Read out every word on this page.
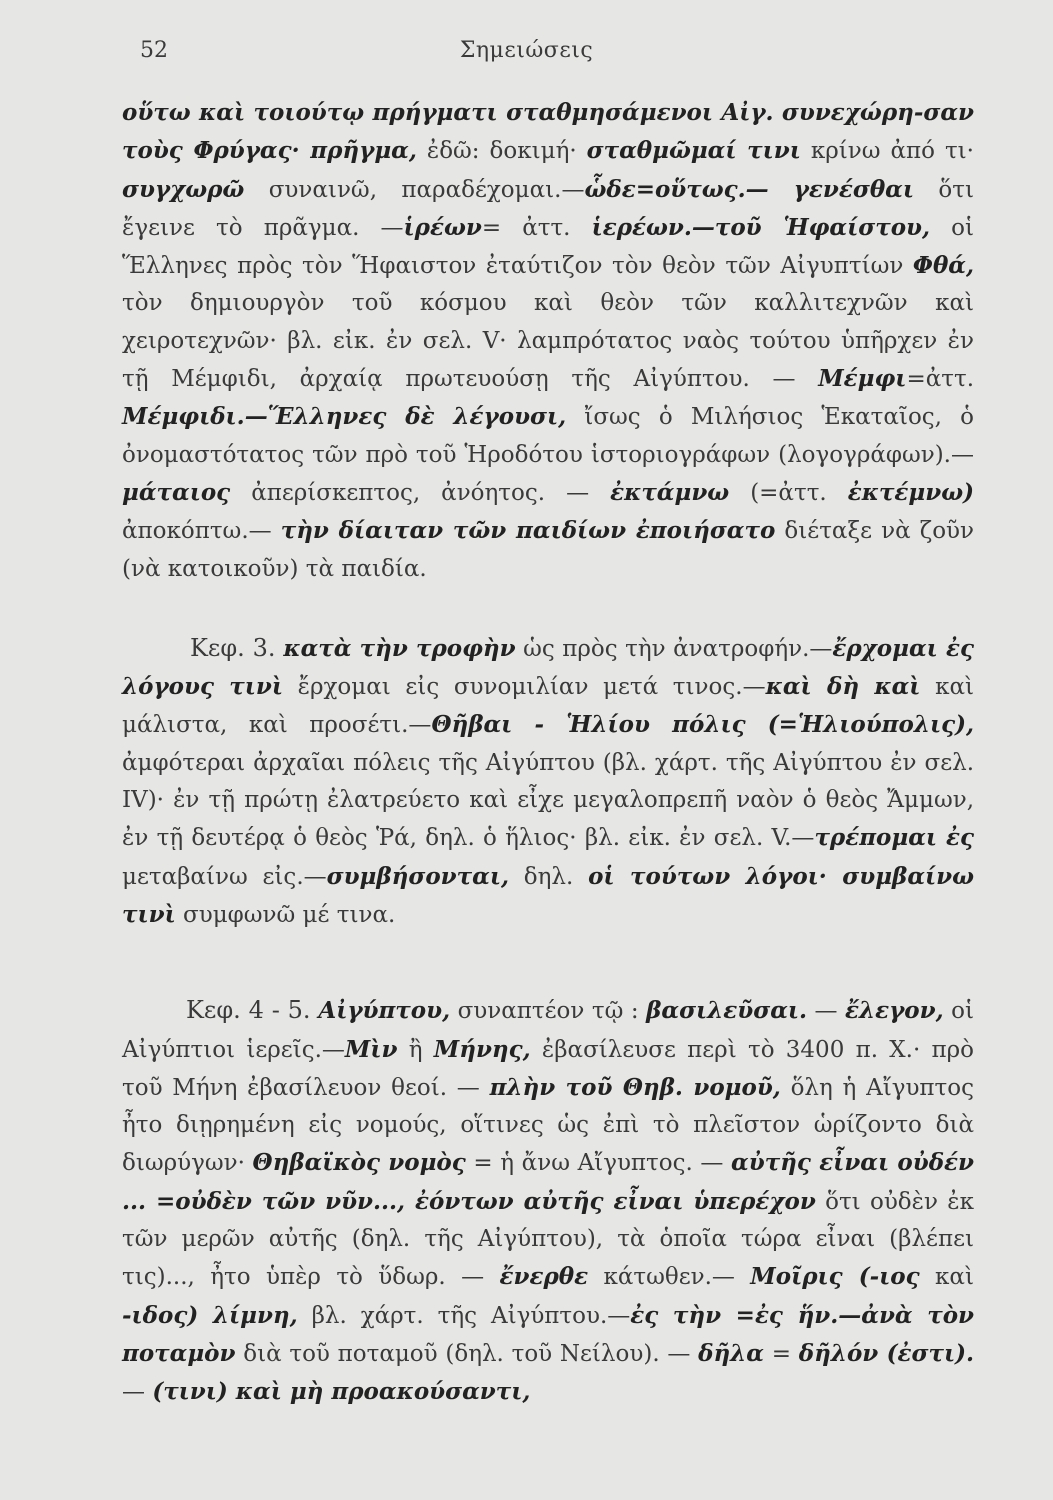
52	Σημειώσεις

οὕτω καὶ τοιούτῳ πρήγματι σταθμησάμενοι Αἰγ. συνεχώρη-σαν τοὺς Φρύγας· πρῆγμα, ἐδῶ: δοκιμή· σταθμῶμαί τινι κρίνω ἀπό τι· συγχωρῶ συναινῶ, παραδέχομαι.—ὧδε=οὕτως.— γενέσθαι ὅτι ἔγεινε τὸ πρᾶγμα. —ἱρέων= ἀττ. ἱερέων.—τοῦ Ἡφαίστου, οἱ Ἕλληνες πρὸς τὸν Ἥφαιστον ἐταύτιζον τὸν θεὸν τῶν Αἰγυπτίων Φθά, τὸν δημιουργὸν τοῦ κόσμου καὶ θεὸν τῶν καλλιτεχνῶν καὶ χειροτεχνῶν· βλ. εἰκ. ἐν σελ. V· λαμπρότατος ναὸς τούτου ὑπῆρχεν ἐν τῇ Μέμφιδι, ἀρχαίᾳ πρωτευούσῃ τῆς Αἰγύπτου. — Μέμφι=ἀττ. Μέμφιδι.—Ἕλληνες δὲ λέγουσι, ἴσως ὁ Μιλήσιος Ἑκαταῖος, ὁ ὀνομαστότατος τῶν πρὸ τοῦ Ἡροδότου ἱστοριογράφων (λογογράφων).— μάταιος ἀπερίσκεπτος, ἀνόητος. — ἐκτάμνω (=ἀττ. ἐκτέμνω) ἀποκόπτω.— τὴν δίαιταν τῶν παιδίων ἐποιήσατο διέταξε νὰ ζοῦν (νὰ κατοικοῦν) τὰ παιδία.

Κεφ. 3. κατὰ τὴν τροφὴν ὡς πρὸς τὴν ἀνατροφήν.—ἔρχομαι ἐς λόγους τινὶ ἔρχομαι εἰς συνομιλίαν μετά τινος.—καὶ δὴ καὶ καὶ μάλιστα, καὶ προσέτι.—Θῆβαι - Ἡλίου πόλις (=Ἡλιούπολις), ἀμφότεραι ἀρχαῖαι πόλεις τῆς Αἰγύπτου (βλ. χάρτ. τῆς Αἰγύπτου ἐν σελ. IV)· ἐν τῇ πρώτῃ ἐλατρεύετο καὶ εἶχε μεγαλοπρεπῆ ναὸν ὁ θεὸς Ἄμμων, ἐν τῇ δευτέρᾳ ὁ θεὸς Ῥά, δηλ. ὁ ἥλιος· βλ. εἰκ. ἐν σελ. V.—τρέπομαι ἐς μεταβαίνω εἰς.—συμβήσονται, δηλ. οἱ τούτων λόγοι· συμβαίνω τινὶ συμφωνῶ μέ τινα.

Κεφ. 4 - 5. Αἰγύπτου, συναπτέον τῷ : βασιλεῦσαι. — ἔλεγον, οἱ Αἰγύπτιοι ἱερεῖς.—Μὶν ἢ Μήνης, ἐβασίλευσε περὶ τὸ 3400 π. Χ.· πρὸ τοῦ Μήνη ἐβασίλευον θεοί. — πλὴν τοῦ Θηβ. νομοῦ, ὅλη ἡ Αἴγυπτος ἦτο διῃρημένη εἰς νομούς, οἵτινες ὡς ἐπὶ τὸ πλεῖστον ὡρίζοντο διὰ διωρύγων· Θηβαϊκὸς νομὸς = ἡ ἄνω Αἴγυπτος. — αὐτῆς εἶναι οὐδέν ... =οὐδὲν τῶν νῦν..., ἐόντων αὐτῆς εἶναι ὑπερέχον ὅτι οὐδὲν ἐκ τῶν μερῶν αὐτῆς (δηλ. τῆς Αἰγύπτου), τὰ ὁποῖα τώρα εἶναι (βλέπει τις)..., ἦτο ὑπὲρ τὸ ὕδωρ. — ἔνερθε κάτωθεν.— Μοῖρις (-ιος καὶ -ιδος) λίμνη, βλ. χάρτ. τῆς Αἰγύπτου.—ἐς τὴν =ἐς ἥν.—ἀνὰ τὸν ποταμὸν διὰ τοῦ ποταμοῦ (δηλ. τοῦ Νείλου). — δῆλα = δῆλόν (ἐστι). — (τινι) καὶ μὴ προακούσαντι,
